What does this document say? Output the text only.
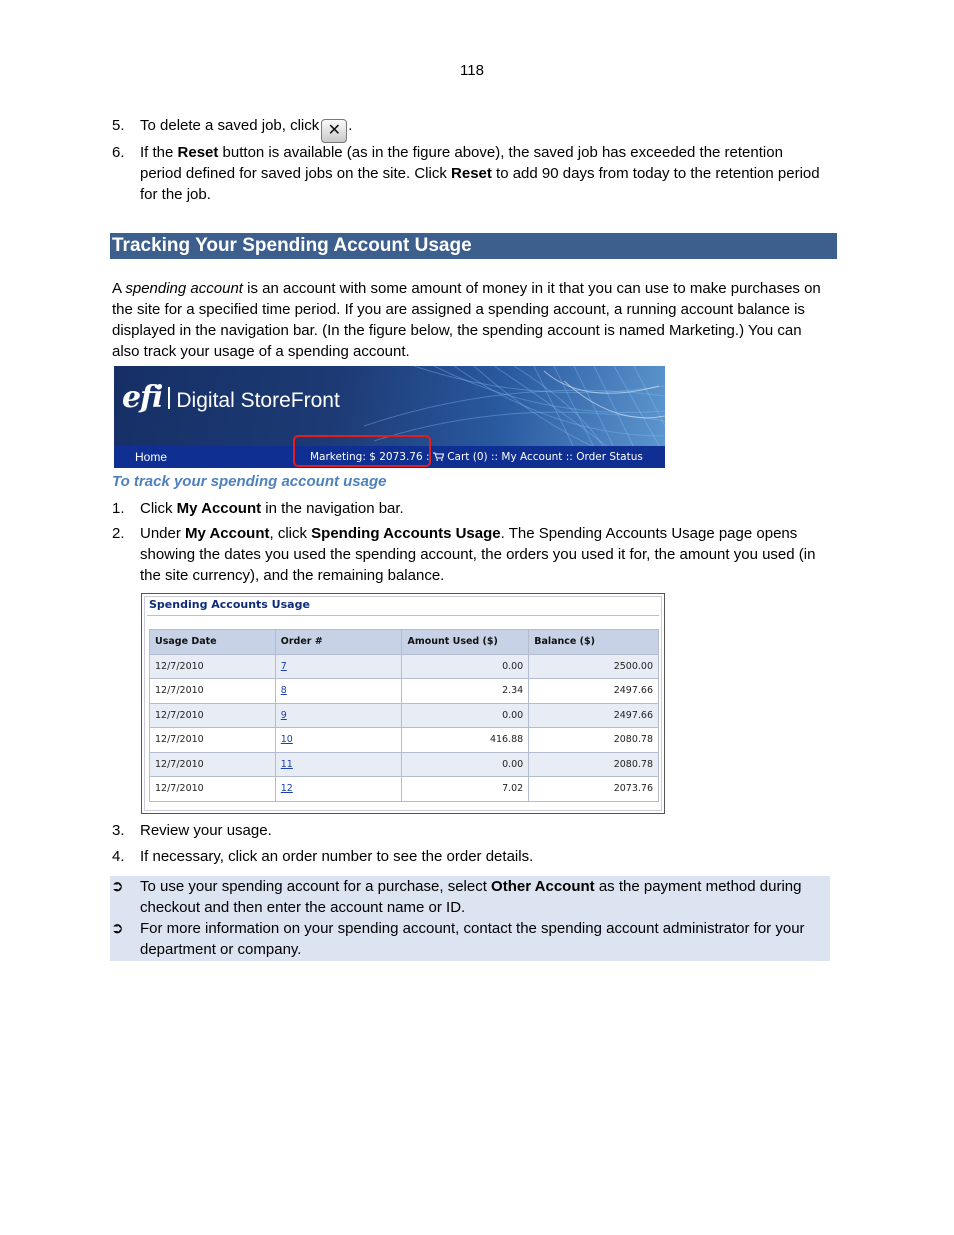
118
5. To delete a saved job, click ✕ .
6. If the Reset button is available (as in the figure above), the saved job has exceeded the retention period defined for saved jobs on the site. Click Reset to add 90 days from today to the retention period for the job.
Tracking Your Spending Account Usage
A spending account is an account with some amount of money in it that you can use to make purchases on the site for a specified time period. If you are assigned a spending account, a running account balance is displayed in the navigation bar. (In the figure below, the spending account is named Marketing.) You can also track your usage of a spending account.
efi Digital StoreFront
Home	Marketing: $ 2073.76 :  Cart (0) :: My Account :: Order Status
To track your spending account usage
1. Click My Account in the navigation bar.
2. Under My Account, click Spending Accounts Usage. The Spending Accounts Usage page opens showing the dates you used the spending account, the orders you used it for, the amount you used (in the site currency), and the remaining balance.
Spending Accounts Usage
Usage Date	Order #	Amount Used ($)	Balance ($)
12/7/2010	7	0.00	2500.00
12/7/2010	8	2.34	2497.66
12/7/2010	9	0.00	2497.66
12/7/2010	10	416.88	2080.78
12/7/2010	11	0.00	2080.78
12/7/2010	12	7.02	2073.76
3. Review your usage.
4. If necessary, click an order number to see the order details.
➲ To use your spending account for a purchase, select Other Account as the payment method during checkout and then enter the account name or ID.
➲ For more information on your spending account, contact the spending account administrator for your department or company.
